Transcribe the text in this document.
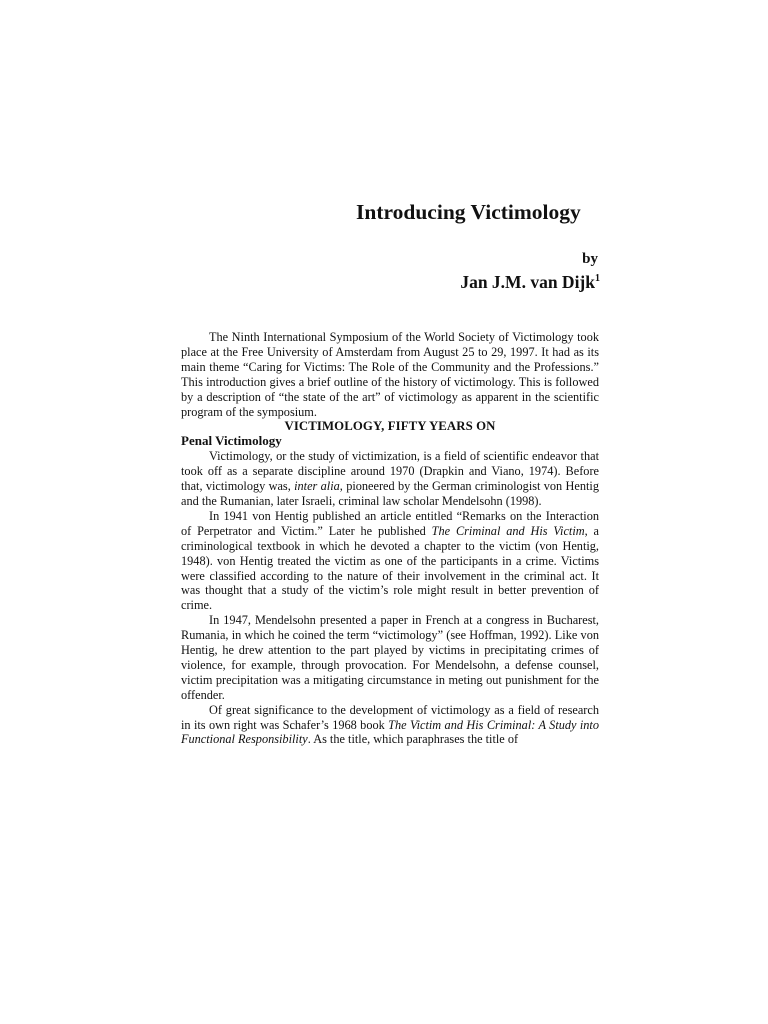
Introducing Victimology
by
Jan J.M. van Dijk$^1$

The Ninth International Symposium of the World Society of Victimology took place at the Free University of Amsterdam from August 25 to 29, 1997. It had as its main theme “Caring for Victims: The Role of the Community and the Professions.” This introduction gives a brief outline of the history of victimology. This is followed by a description of “the state of the art” of victimology as apparent in the scientific program of the symposium.

VICTIMOLOGY, FIFTY YEARS ON

Penal Victimology

Victimology, or the study of victimization, is a field of scientific endeavor that took off as a separate discipline around 1970 (Drapkin and Viano, 1974). Before that, victimology was, inter alia, pioneered by the German criminologist von Hentig and the Rumanian, later Israeli, criminal law scholar Mendelsohn (1998).

In 1941 von Hentig published an article entitled “Remarks on the Interaction of Perpetrator and Victim.” Later he published The Criminal and His Victim, a criminological textbook in which he devoted a chapter to the victim (von Hentig, 1948). von Hentig treated the victim as one of the participants in a crime. Victims were classified according to the nature of their involvement in the criminal act. It was thought that a study of the victim’s role might result in better prevention of crime.

In 1947, Mendelsohn presented a paper in French at a congress in Bucharest, Rumania, in which he coined the term “victimology” (see Hoffman, 1992). Like von Hentig, he drew attention to the part played by victims in precipitating crimes of violence, for example, through provocation. For Mendelsohn, a defense counsel, victim precipitation was a mitigating circumstance in meting out punishment for the offender.

Of great significance to the development of victimology as a field of research in its own right was Schafer’s 1968 book The Victim and His Criminal: A Study into Functional Responsibility. As the title, which paraphrases the title of
